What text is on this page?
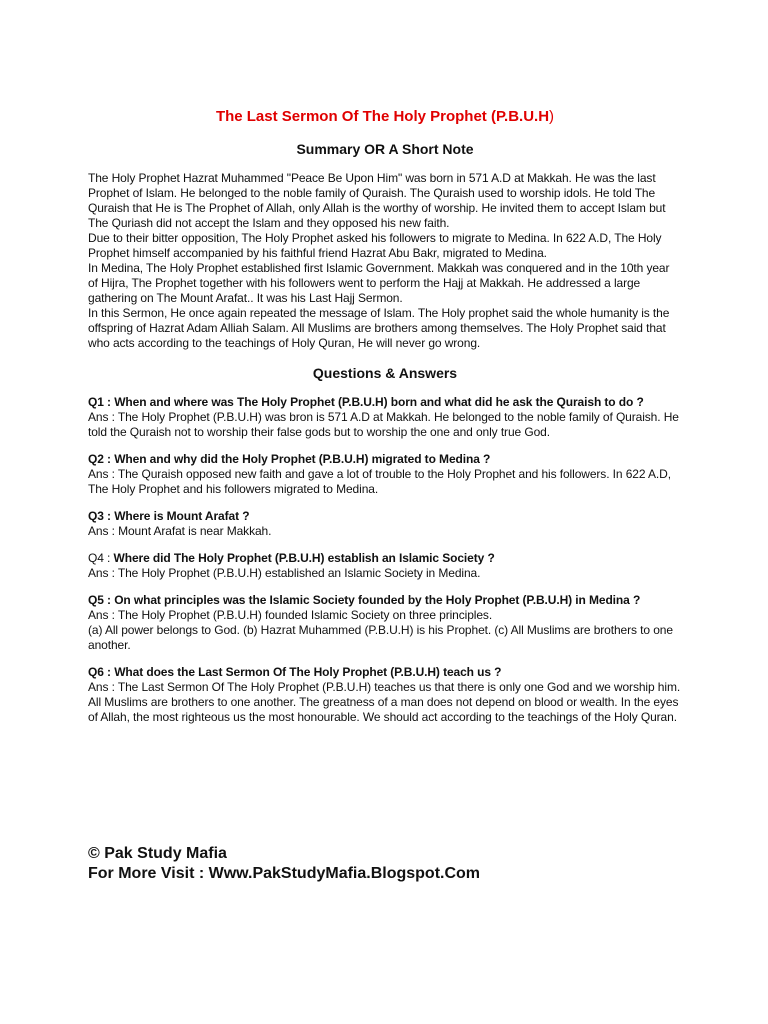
The Last Sermon Of The Holy Prophet (P.B.U.H)
Summary OR A Short Note

The Holy Prophet Hazrat Muhammed "Peace Be Upon Him" was born in 571 A.D at Makkah. He was the last Prophet of Islam. He belonged to the noble family of Quraish. The Quraish used to worship idols. He told The Quraish that He is The Prophet of Allah, only Allah is the worthy of worship. He invited them to accept Islam but The Quriash did not accept the Islam and they opposed his new faith.

Due to their bitter opposition, The Holy Prophet asked his followers to migrate to Medina. In 622 A.D, The Holy Prophet himself accompanied by his faithful friend Hazrat Abu Bakr, migrated to Medina.

In Medina, The Holy Prophet established first Islamic Government. Makkah was conquered and in the 10th year of Hijra, The Prophet together with his followers went to perform the Hajj at Makkah. He addressed a large gathering on The Mount Arafat.. It was his Last Hajj Sermon.

In this Sermon, He once again repeated the message of Islam. The Holy prophet said the whole humanity is the offspring of Hazrat Adam Alliah Salam. All Muslims are brothers among themselves. The Holy Prophet said that who acts according to the teachings of Holy Quran, He will never go wrong.

Questions & Answers

Q1 : When and where was The Holy Prophet (P.B.U.H) born and what did he ask the Quraish to do ?

Ans : The Holy Prophet (P.B.U.H) was bron is 571 A.D at Makkah. He belonged to the noble family of Quraish. He told the Quraish not to worship their false gods but to worship the one and only true God.

Q2 : When and why did the Holy Prophet (P.B.U.H) migrated to Medina ?

Ans : The Quraish opposed new faith and gave a lot of trouble to the Holy Prophet and his followers. In 622 A.D, The Holy Prophet and his followers migrated to Medina.

Q3 : Where is Mount Arafat ?

Ans : Mount Arafat is near Makkah.

Q4 : Where did The Holy Prophet (P.B.U.H) establish an Islamic Society ?

Ans : The Holy Prophet (P.B.U.H) established an Islamic Society in Medina.

Q5 : On what principles was the Islamic Society founded by the Holy Prophet (P.B.U.H) in Medina ?

Ans : The Holy Prophet (P.B.U.H) founded Islamic Society on three principles.

(a) All power belongs to God. (b) Hazrat Muhammed (P.B.U.H) is his Prophet. (c) All Muslims are brothers to one another.

Q6 : What does the Last Sermon Of The Holy Prophet (P.B.U.H) teach us ?

Ans : The Last Sermon Of The Holy Prophet (P.B.U.H) teaches us that there is only one God and we worship him. All Muslims are brothers to one another. The greatness of a man does not depend on blood or wealth. In the eyes of Allah, the most righteous us the most honourable. We should act according to the teachings of the Holy Quran.

© Pak Study Mafia
For More Visit : Www.PakStudyMafia.Blogspot.Com
